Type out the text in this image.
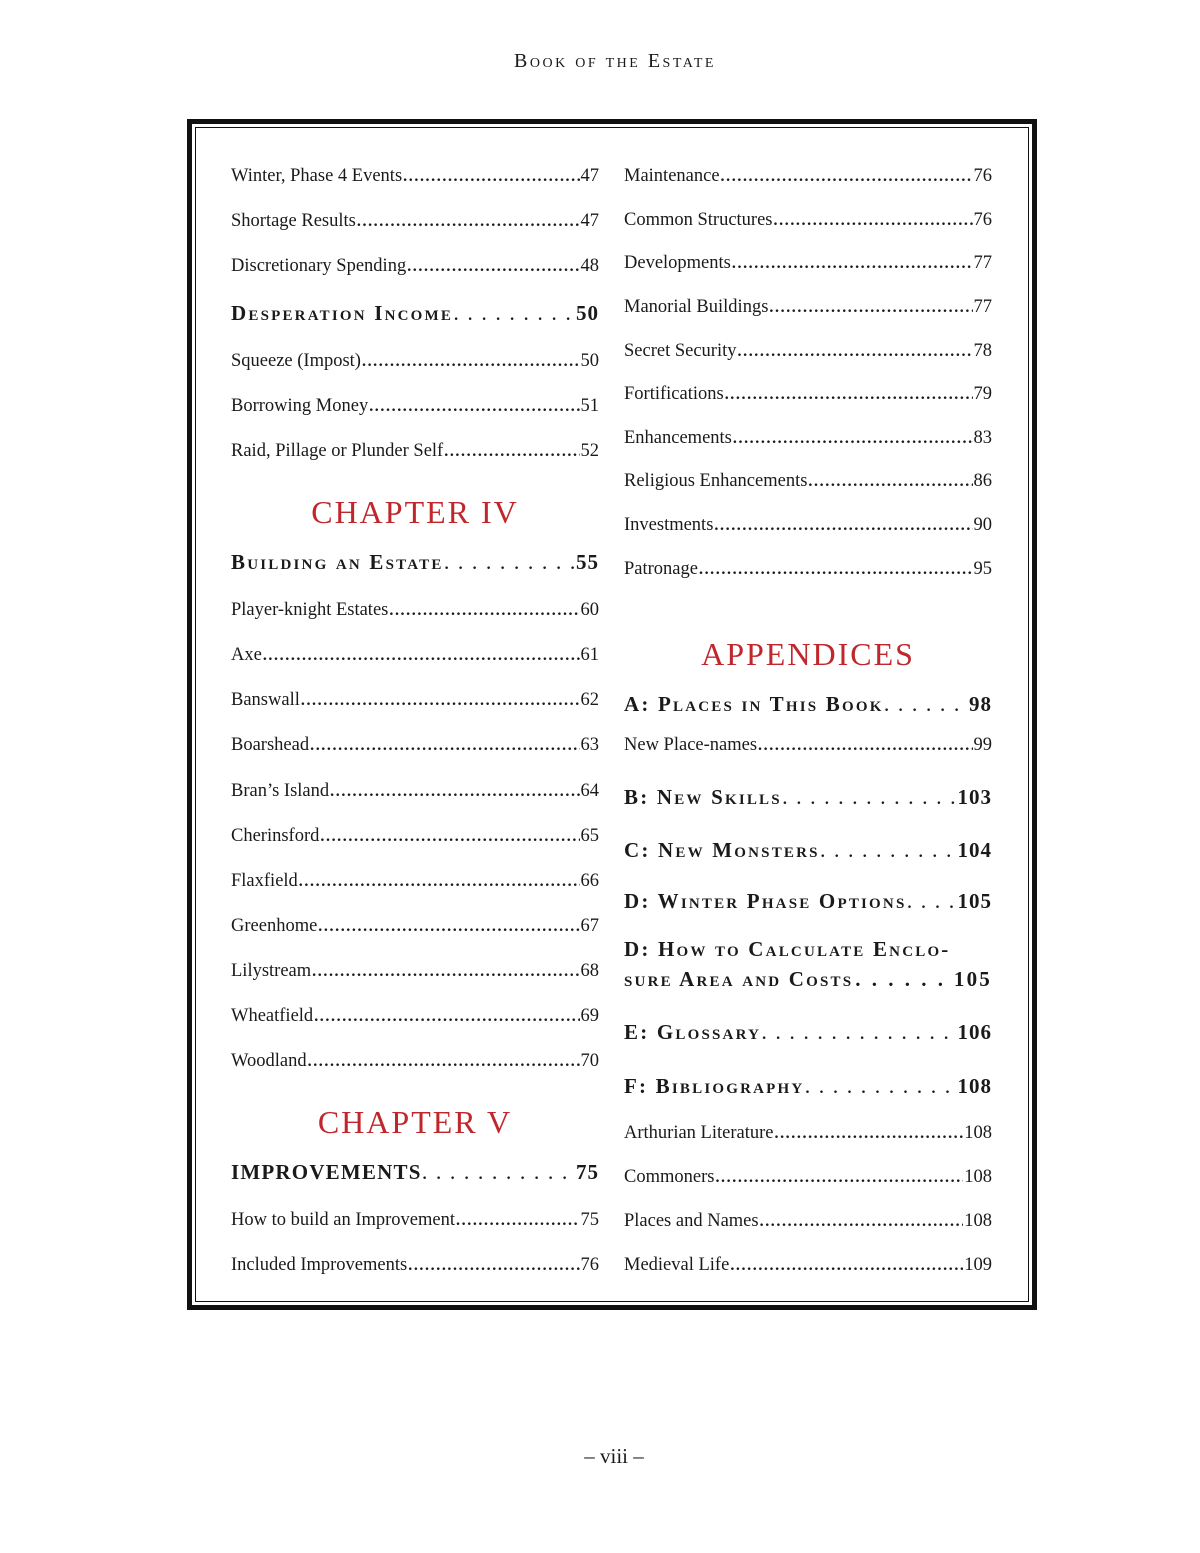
Book of the Estate
Winter, Phase 4 Events . . .	47
Shortage Results . . .	47
Discretionary Spending . . .	48
Desperation Income . . .	50
Squeeze (Impost) . . .	50
Borrowing Money . . .	51
Raid, Pillage or Plunder Self . . .	52
CHAPTER IV
Building an Estate . . .	55
Player-knight Estates . . .	60
Axe . . .	61
Banswall . . .	62
Boarshead . . .	63
Bran’s Island . . .	64
Cherinsford . . .	65
Flaxfield . . .	66
Greenhome . . .	67
Lilystream . . .	68
Wheatfield . . .	69
Woodland . . .	70
CHAPTER V
IMPROVEMENTS . . .	75
How to build an Improvement . . .	75
Included Improvements . . .	76
Maintenance . . .	76
Common Structures . . .	76
Developments . . .	77
Manorial Buildings . . .	77
Secret Security . . .	78
Fortifications . . .	79
Enhancements . . .	83
Religious Enhancements . . .	86
Investments . . .	90
Patronage . . .	95
APPENDICES
A: Places in This Book . . .	98
New Place-names . . .	99
B: New Skills . . .	103
C: New Monsters . . .	104
D: Winter Phase Options . . . 105
D: How to Calculate Enclo-
sure Area and Costs . . .	105
E: Glossary . . .	106
F: Bibliography . . .	108
Arthurian Literature . . .	108
Commoners . . .	108
Places and Names . . .	108
Medieval Life . . .	109
– viii –
